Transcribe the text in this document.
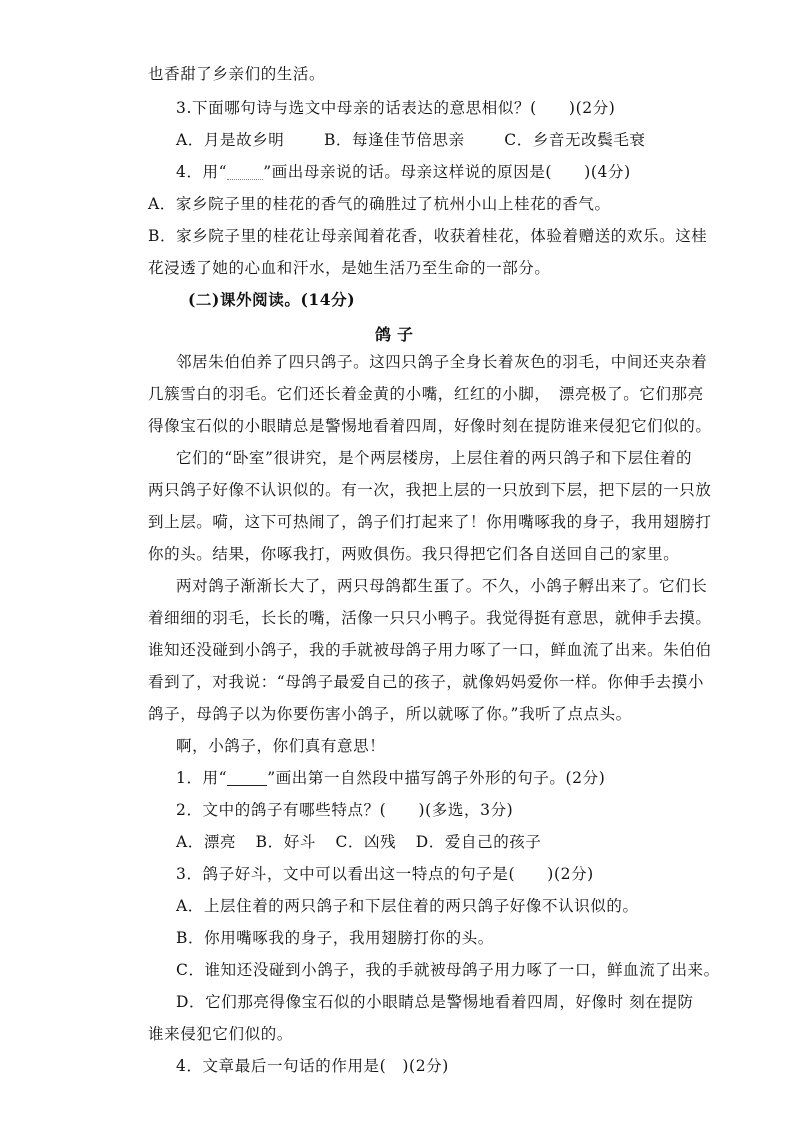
也香甜了乡亲们的生活。
3.下面哪句诗与选文中母亲的话表达的意思相似？(　　)(2分)
A．月是故乡明	B．每逢佳节倍思亲	C．乡音无改鬓毛衰
4．用“ ”画出母亲说的话。母亲这样说的原因是(　　)(4分)
A．家乡院子里的桂花的香气的确胜过了杭州小山上桂花的香气。
B．家乡院子里的桂花让母亲闻着花香，收获着桂花，体验着赠送的欢乐。这桂
花浸透了她的心血和汗水，是她生活乃至生命的一部分。
(二)课外阅读。(14分)
鸽子
邻居朱伯伯养了四只鸽子。这四只鸽子全身长着灰色的羽毛，中间还夹杂着
几簇雪白的羽毛。它们还长着金黄的小嘴，红红的小脚，　漂亮极了。它们那亮
得像宝石似的小眼睛总是警惕地看着四周，好像时刻在提防谁来侵犯它们似的。
它们的“卧室”很讲究，是个两层楼房，上层住着的两只鸽子和下层住着的
两只鸽子好像不认识似的。有一次，我把上层的一只放到下层，把下层的一只放
到上层。嗬，这下可热闹了，鸽子们打起来了！你用嘴啄我的身子，我用翅膀打
你的头。结果，你啄我打，两败俱伤。我只得把它们各自送回自己的家里。
两对鸽子渐渐长大了，两只母鸽都生蛋了。不久，小鸽子孵出来了。它们长
着细细的羽毛，长长的嘴，活像一只只小鸭子。我觉得挺有意思，就伸手去摸。
谁知还没碰到小鸽子，我的手就被母鸽子用力啄了一口，鲜血流了出来。朱伯伯
看到了，对我说：“母鸽子最爱自己的孩子，就像妈妈爱你一样。你伸手去摸小
鸽子，母鸽子以为你要伤害小鸽子，所以就啄了你。”我听了点点头。
啊，小鸽子，你们真有意思！
1．用“	”画出第一自然段中描写鸽子外形的句子。(2分)
2．文中的鸽子有哪些特点？(　　)(多选，3分)
A．漂亮 B．好斗 C．凶残 D．爱自己的孩子
3．鸽子好斗，文中可以看出这一特点的句子是(　　)(2分)
A．上层住着的两只鸽子和下层住着的两只鸽子好像不认识似的。
B．你用嘴啄我的身子，我用翅膀打你的头。
C．谁知还没碰到小鸽子，我的手就被母鸽子用力啄了一口，鲜血流了出来。
D．它们那亮得像宝石似的小眼睛总是警惕地看着四周，好像时 刻在提防
谁来侵犯它们似的。
4．文章最后一句话的作用是(　)(2分)
